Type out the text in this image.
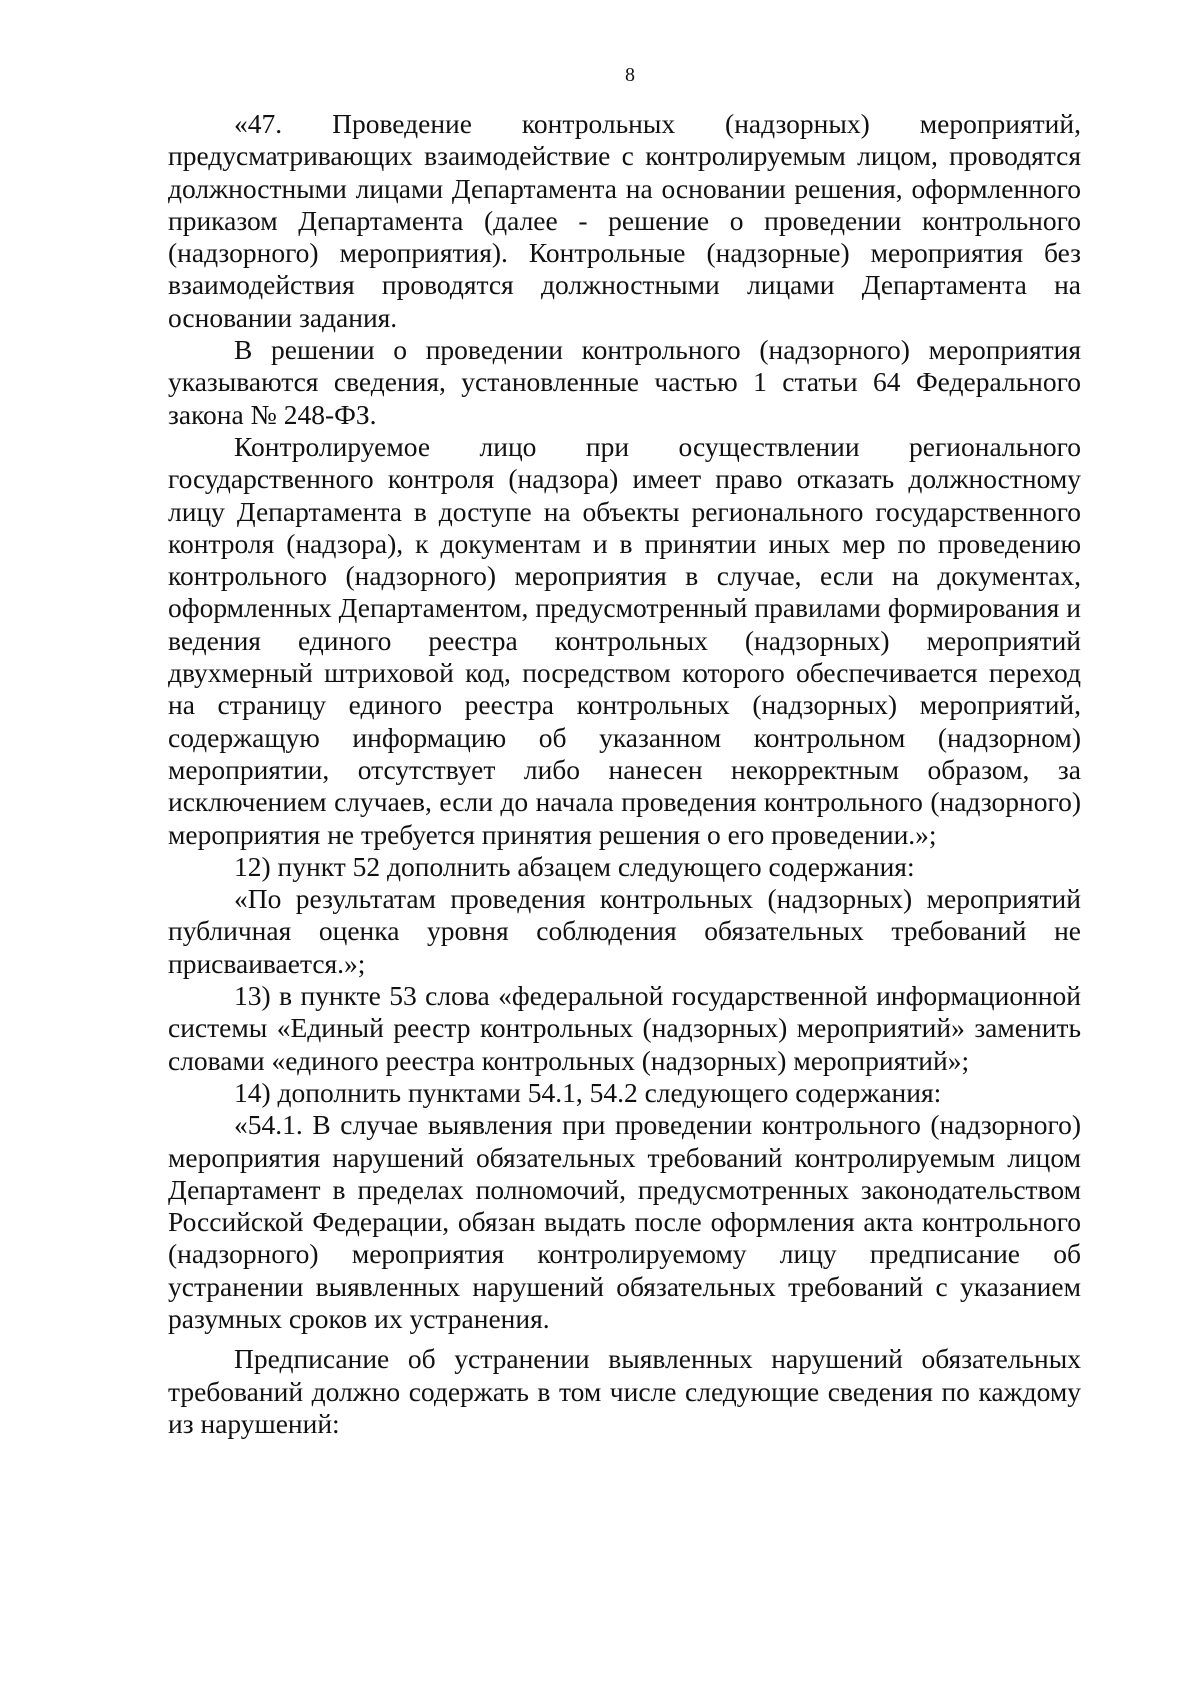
8

«47. Проведение контрольных (надзорных) мероприятий, предусматривающих взаимодействие с контролируемым лицом, проводятся должностными лицами Департамента на основании решения, оформленного приказом Департамента (далее - решение о проведении контрольного (надзорного) мероприятия). Контрольные (надзорные) мероприятия без взаимодействия проводятся должностными лицами Департамента на основании задания.

В решении о проведении контрольного (надзорного) мероприятия указываются сведения, установленные частью 1 статьи 64 Федерального закона № 248-ФЗ.

Контролируемое лицо при осуществлении регионального государственного контроля (надзора) имеет право отказать должностному лицу Департамента в доступе на объекты регионального государственного контроля (надзора), к документам и в принятии иных мер по проведению контрольного (надзорного) мероприятия в случае, если на документах, оформленных Департаментом, предусмотренный правилами формирования и ведения единого реестра контрольных (надзорных) мероприятий двухмерный штриховой код, посредством которого обеспечивается переход на страницу единого реестра контрольных (надзорных) мероприятий, содержащую информацию об указанном контрольном (надзорном) мероприятии, отсутствует либо нанесен некорректным образом, за исключением случаев, если до начала проведения контрольного (надзорного) мероприятия не требуется принятия решения о его проведении.»;

12) пункт 52 дополнить абзацем следующего содержания:

«По результатам проведения контрольных (надзорных) мероприятий публичная оценка уровня соблюдения обязательных требований не присваивается.»;

13) в пункте 53 слова «федеральной государственной информационной системы «Единый реестр контрольных (надзорных) мероприятий» заменить словами «единого реестра контрольных (надзорных) мероприятий»;

14) дополнить пунктами 54.1, 54.2 следующего содержания:

«54.1. В случае выявления при проведении контрольного (надзорного) мероприятия нарушений обязательных требований контролируемым лицом Департамент в пределах полномочий, предусмотренных законодательством Российской Федерации, обязан выдать после оформления акта контрольного (надзорного) мероприятия контролируемому лицу предписание об устранении выявленных нарушений обязательных требований с указанием разумных сроков их устранения.

Предписание об устранении выявленных нарушений обязательных требований должно содержать в том числе следующие сведения по каждому из нарушений:
